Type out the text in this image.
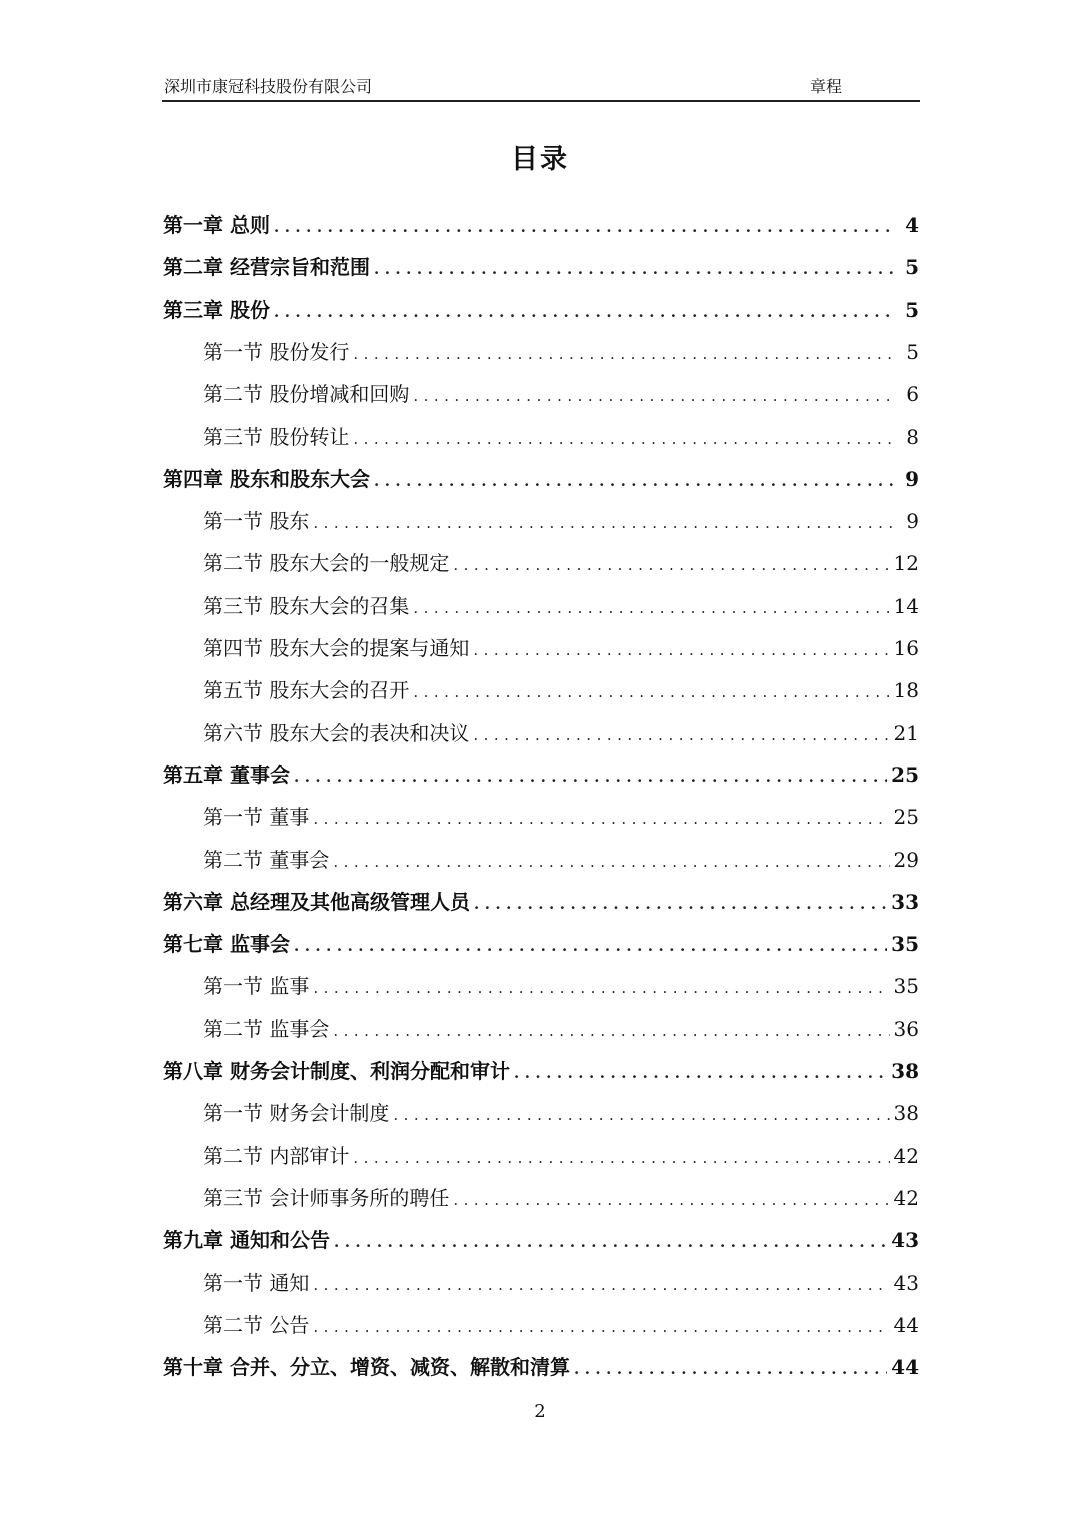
深圳市康冠科技股份有限公司	章程
目录
第一章 总则 .....	4
第二章 经营宗旨和范围 .....	5
第三章 股份 .....	5
第一节 股份发行 .....	5
第二节 股份增减和回购 .....	6
第三节 股份转让 .....	8
第四章 股东和股东大会 .....	9
第一节 股东 .....	9
第二节 股东大会的一般规定 .....	12
第三节 股东大会的召集 .....	14
第四节 股东大会的提案与通知 .....	16
第五节 股东大会的召开 .....	18
第六节 股东大会的表决和决议 .....	21
第五章 董事会 .....	25
第一节 董事 .....	25
第二节 董事会 .....	29
第六章 总经理及其他高级管理人员 .....	33
第七章 监事会 .....	35
第一节 监事 .....	35
第二节 监事会 .....	36
第八章 财务会计制度、利润分配和审计 .....	38
第一节 财务会计制度 .....	38
第二节 内部审计 .....	42
第三节 会计师事务所的聘任 .....	42
第九章 通知和公告 .....	43
第一节 通知 .....	43
第二节 公告 .....	44
第十章 合并、分立、增资、减资、解散和清算 .....	44
2
